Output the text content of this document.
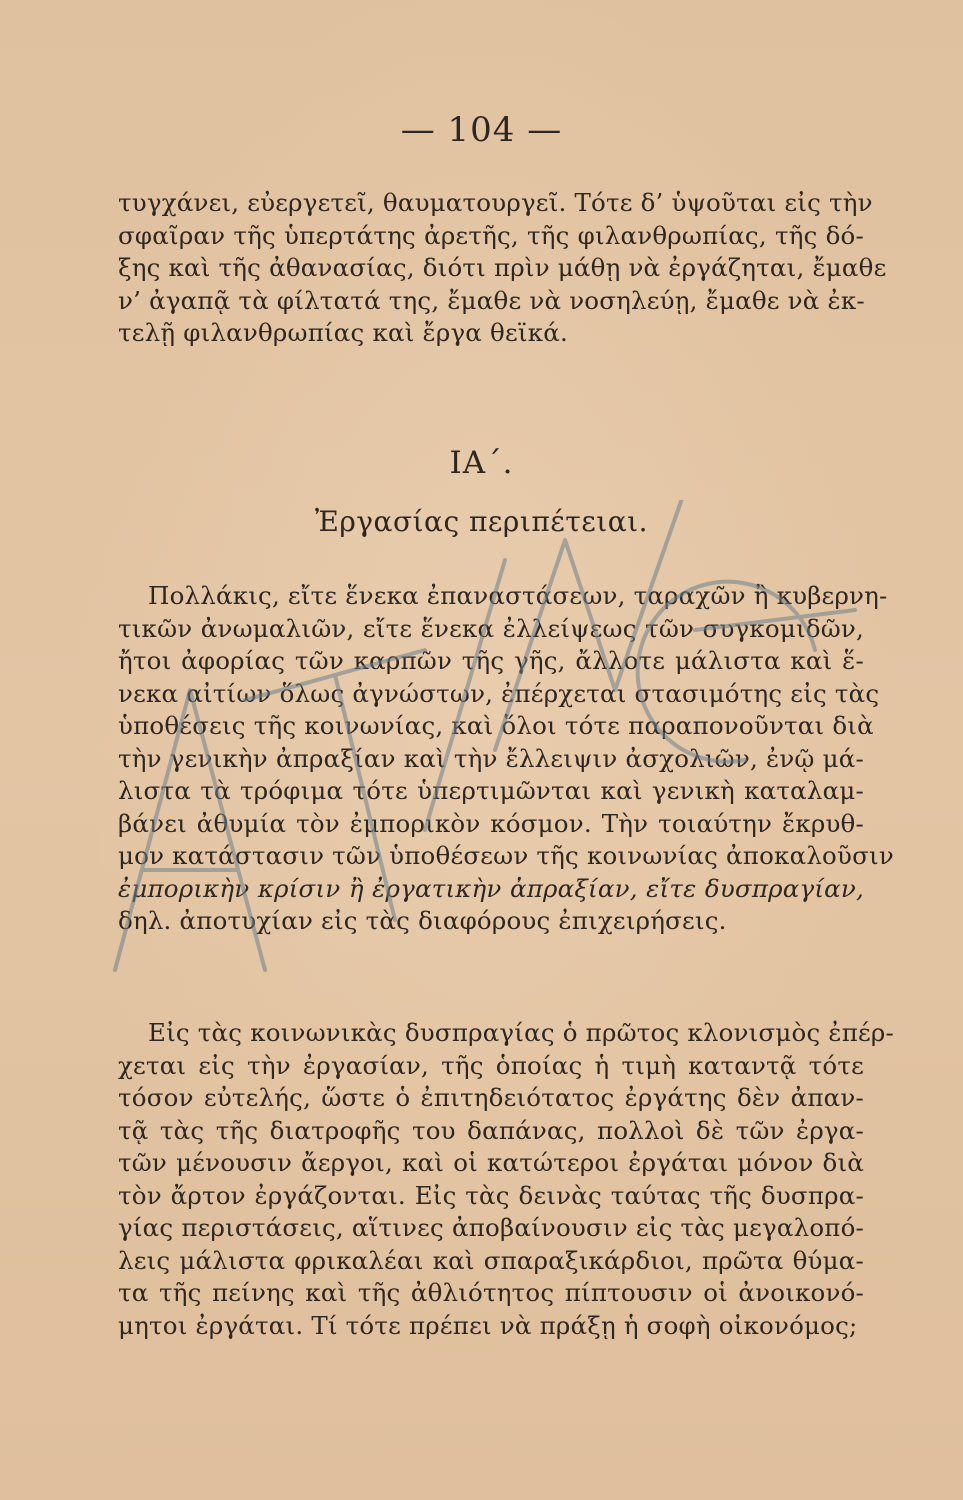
— 104 —
τυγχάνει, εὐεργετεῖ, θαυματουργεῖ. Τότε δ’ ὑψοῦται εἰς τὴν
σφαῖραν τῆς ὑπερτάτης ἀρετῆς, τῆς φιλανθρωπίας, τῆς δό-
ξης καὶ τῆς ἀθανασίας, διότι πρὶν μάθῃ νὰ ἐργάζηται, ἔμαθε
ν’ ἀγαπᾷ τὰ φίλτατά της, ἔμαθε νὰ νοσηλεύῃ, ἔμαθε νὰ ἐκ-
τελῇ φιλανθρωπίας καὶ ἔργα θεϊκά.
ΙΑ΄.
Ἐργασίας περιπέτειαι.
Πολλάκις, εἴτε ἕνεκα ἐπαναστάσεων, ταραχῶν ἢ κυβερνη-
τικῶν ἀνωμαλιῶν, εἴτε ἕνεκα ἐλλείψεως τῶν συγκομιδῶν,
ἤτοι ἀφορίας τῶν καρπῶν τῆς γῆς, ἄλλοτε μάλιστα καὶ ἕ-
νεκα αἰτίων ὅλως ἀγνώστων, ἐπέρχεται στασιμότης εἰς τὰς
ὑποθέσεις τῆς κοινωνίας, καὶ ὅλοι τότε παραπονοῦνται διὰ
τὴν γενικὴν ἀπραξίαν καὶ τὴν ἔλλειψιν ἀσχολιῶν, ἐνῷ μά-
λιστα τὰ τρόφιμα τότε ὑπερτιμῶνται καὶ γενικὴ καταλαμ-
βάνει ἀθυμία τὸν ἐμπορικὸν κόσμον. Τὴν τοιαύτην ἔκρυθ-
μον κατάστασιν τῶν ὑποθέσεων τῆς κοινωνίας ἀποκαλοῦσιν
ἐμπορικὴν κρίσιν ἢ ἐργατικὴν ἀπραξίαν, εἴτε δυσπραγίαν,
δηλ. ἀποτυχίαν εἰς τὰς διαφόρους ἐπιχειρήσεις.
Εἰς τὰς κοινωνικὰς δυσπραγίας ὁ πρῶτος κλονισμὸς ἐπέρ-
χεται εἰς τὴν ἐργασίαν, τῆς ὁποίας ἡ τιμὴ καταντᾷ τότε
τόσον εὐτελής, ὥστε ὁ ἐπιτηδειότατος ἐργάτης δὲν ἀπαν-
τᾷ τὰς τῆς διατροφῆς του δαπάνας, πολλοὶ δὲ τῶν ἐργα-
τῶν μένουσιν ἄεργοι, καὶ οἱ κατώτεροι ἐργάται μόνον διὰ
τὸν ἄρτον ἐργάζονται. Εἰς τὰς δεινὰς ταύτας τῆς δυσπρα-
γίας περιστάσεις, αἵτινες ἀποβαίνουσιν εἰς τὰς μεγαλοπό-
λεις μάλιστα φρικαλέαι καὶ σπαραξικάρδιοι, πρῶτα θύμα-
τα τῆς πείνης καὶ τῆς ἀθλιότητος πίπτουσιν οἱ ἀνοικονό-
μητοι ἐργάται. Τί τότε πρέπει νὰ πράξῃ ἡ σοφὴ οἰκονόμος;
